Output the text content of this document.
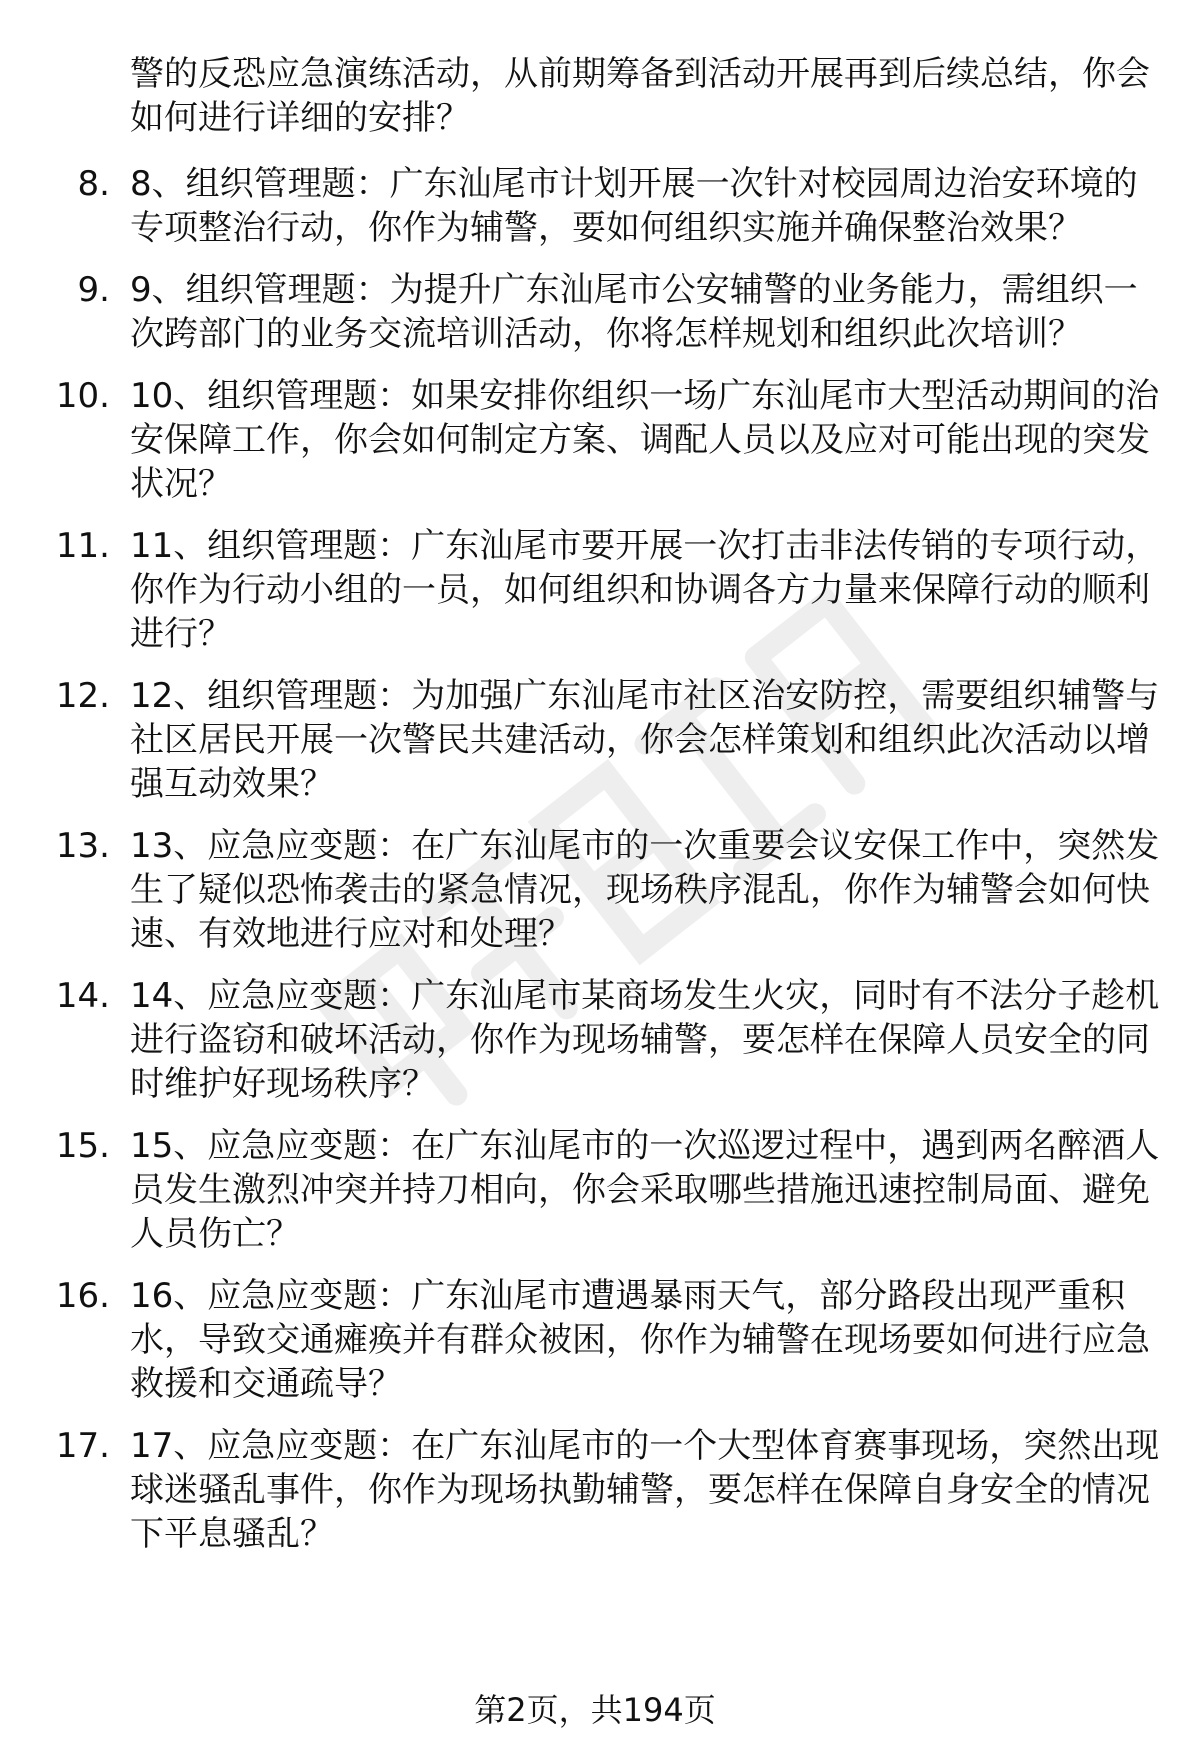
警的反恐应急演练活动，从前期筹备到活动开展再到后续总结，你会如何进行详细的安排？

8. 8、组织管理题：广东汕尾市计划开展一次针对校园周边治安环境的专项整治行动，你作为辅警，要如何组织实施并确保整治效果？
9. 9、组织管理题：为提升广东汕尾市公安辅警的业务能力，需组织一次跨部门的业务交流培训活动，你将怎样规划和组织此次培训？
10. 10、组织管理题：如果安排你组织一场广东汕尾市大型活动期间的治安保障工作，你会如何制定方案、调配人员以及应对可能出现的突发状况？
11. 11、组织管理题：广东汕尾市要开展一次打击非法传销的专项行动，你作为行动小组的一员，如何组织和协调各方力量来保障行动的顺利进行？
12. 12、组织管理题：为加强广东汕尾市社区治安防控，需要组织辅警与社区居民开展一次警民共建活动，你会怎样策划和组织此次活动以增强互动效果？
13. 13、应急应变题：在广东汕尾市的一次重要会议安保工作中，突然发生了疑似恐怖袭击的紧急情况，现场秩序混乱，你作为辅警会如何快速、有效地进行应对和处理？
14. 14、应急应变题：广东汕尾市某商场发生火灾，同时有不法分子趁机进行盗窃和破坏活动，你作为现场辅警，要怎样在保障人员安全的同时维护好现场秩序？
15. 15、应急应变题：在广东汕尾市的一次巡逻过程中，遇到两名醉酒人员发生激烈冲突并持刀相向，你会采取哪些措施迅速控制局面、避免人员伤亡？
16. 16、应急应变题：广东汕尾市遭遇暴雨天气，部分路段出现严重积水，导致交通瘫痪并有群众被困，你作为辅警在现场要如何进行应急救援和交通疏导？
17. 17、应急应变题：在广东汕尾市的一个大型体育赛事现场，突然出现球迷骚乱事件，你作为现场执勤辅警，要怎样在保障自身安全的情况下平息骚乱？
第2页，共194页
